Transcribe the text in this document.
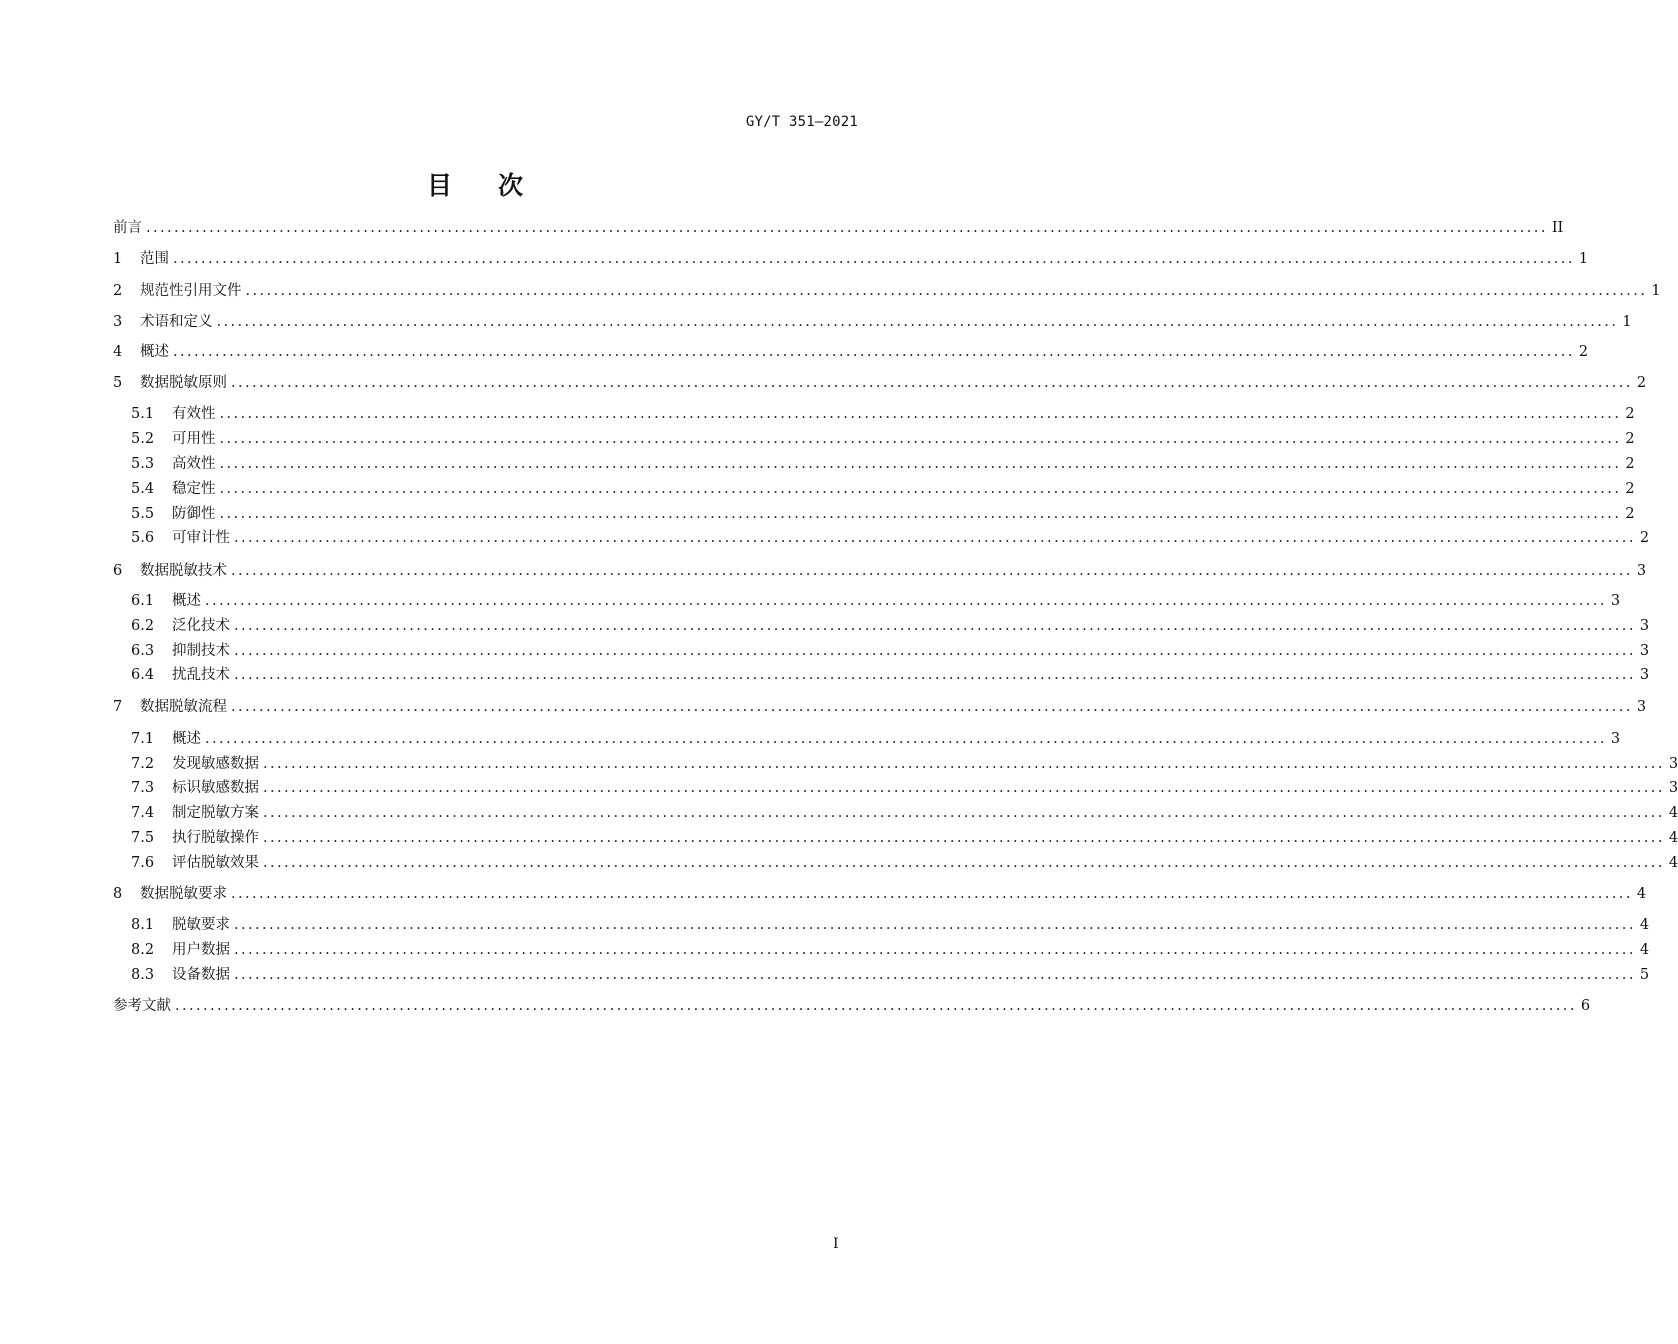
GY/T 351—2021
目 次
前言 ........................................................................................................................................................................................................ II
1	范围 ........................................................................................................................................................................................................ 1
2	规范性引用文件 ........................................................................................................................................................................................................ 1
3	术语和定义 ........................................................................................................................................................................................................ 1
4	概述 ........................................................................................................................................................................................................ 2
5	数据脱敏原则 ........................................................................................................................................................................................................ 2
5.1	有效性 ........................................................................................................................................................................................................ 2
5.2	可用性 ........................................................................................................................................................................................................ 2
5.3	高效性 ........................................................................................................................................................................................................ 2
5.4	稳定性 ........................................................................................................................................................................................................ 2
5.5	防御性 ........................................................................................................................................................................................................ 2
5.6	可审计性 ........................................................................................................................................................................................................ 2
6	数据脱敏技术 ........................................................................................................................................................................................................ 3
6.1	概述 ........................................................................................................................................................................................................ 3
6.2	泛化技术 ........................................................................................................................................................................................................ 3
6.3	抑制技术 ........................................................................................................................................................................................................ 3
6.4	扰乱技术 ........................................................................................................................................................................................................ 3
7	数据脱敏流程 ........................................................................................................................................................................................................ 3
7.1	概述 ........................................................................................................................................................................................................ 3
7.2	发现敏感数据 ........................................................................................................................................................................................................ 3
7.3	标识敏感数据 ........................................................................................................................................................................................................ 3
7.4	制定脱敏方案 ........................................................................................................................................................................................................ 4
7.5	执行脱敏操作 ........................................................................................................................................................................................................ 4
7.6	评估脱敏效果 ........................................................................................................................................................................................................ 4
8	数据脱敏要求 ........................................................................................................................................................................................................ 4
8.1	脱敏要求 ........................................................................................................................................................................................................ 4
8.2	用户数据 ........................................................................................................................................................................................................ 4
8.3	设备数据 ........................................................................................................................................................................................................ 5
参考文献 ........................................................................................................................................................................................................ 6
I
